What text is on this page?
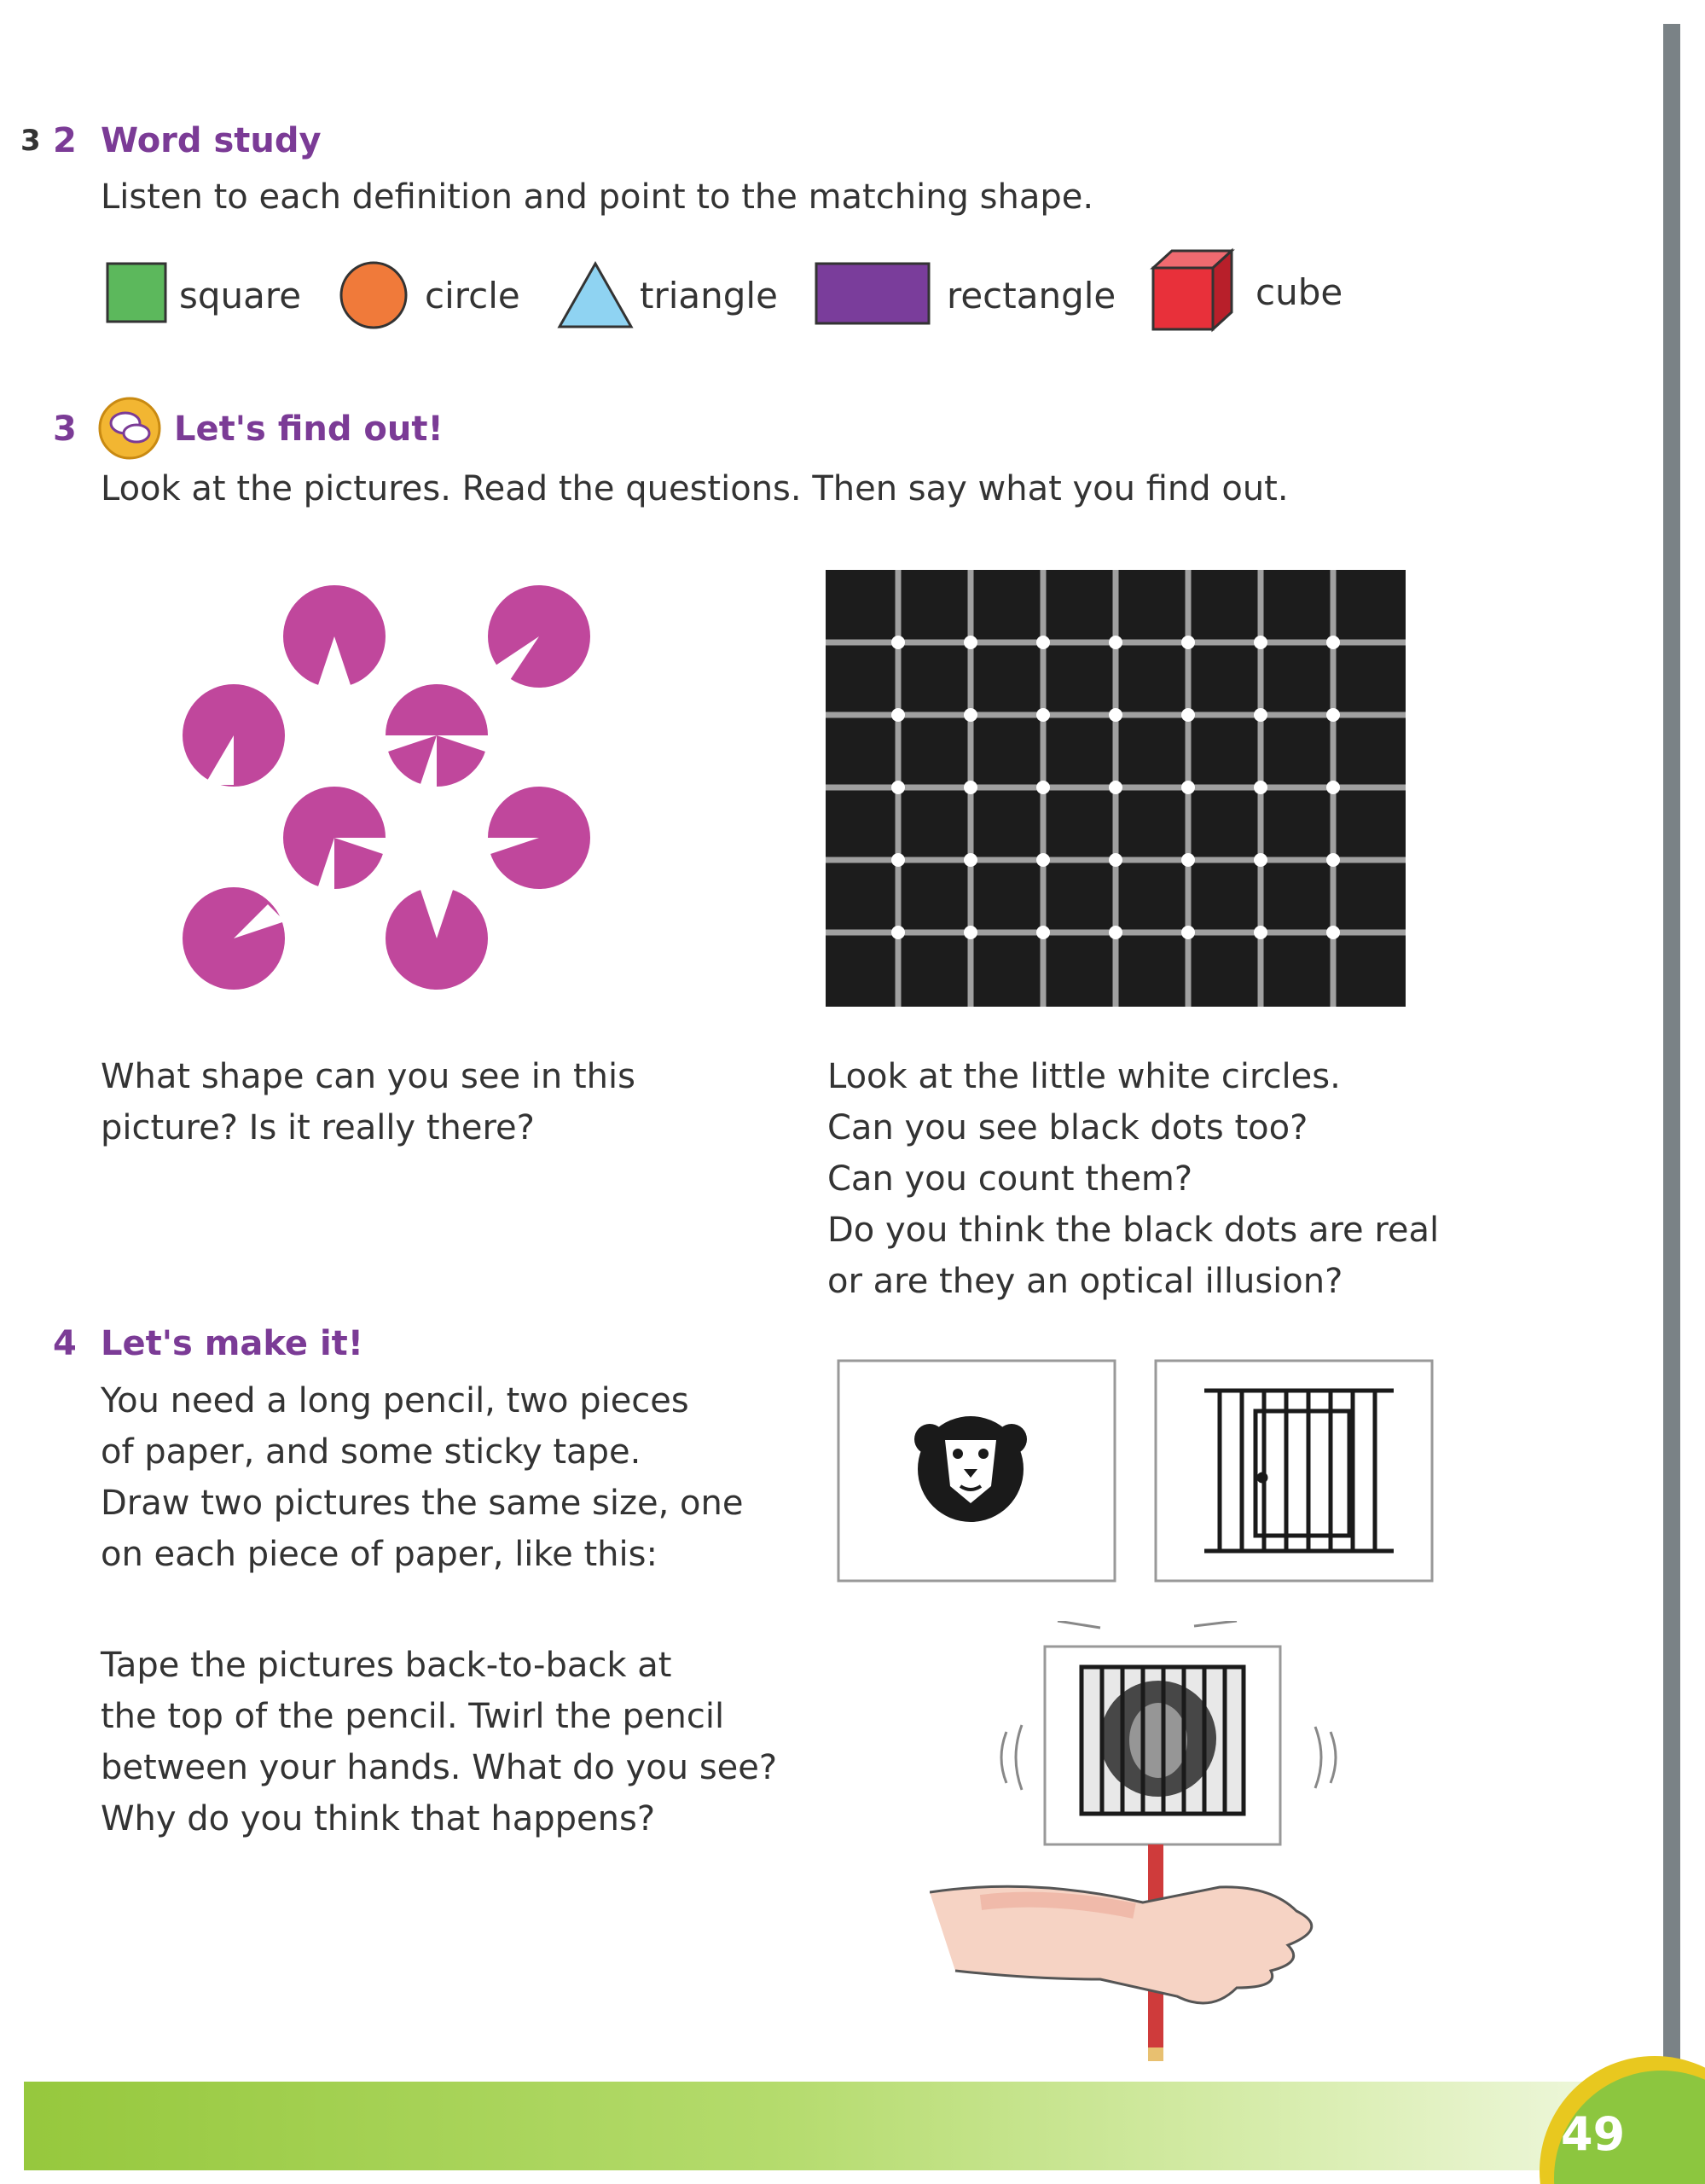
49
3 2 Word study
Listen to each definition and point to the matching shape.
square	circle	triangle	rectangle	cube
3	Let's find out!
Look at the pictures. Read the questions. Then say what you find out.
What shape can you see in this
picture? Is it really there?
Look at the little white circles.
Can you see black dots too?
Can you count them?
Do you think the black dots are real
or are they an optical illusion?
4 Let's make it!
You need a long pencil, two pieces
of paper, and some sticky tape.
Draw two pictures the same size, one
on each piece of paper, like this:
Tape the pictures back-to-back at
the top of the pencil. Twirl the pencil
between your hands. What do you see?
Why do you think that happens?
